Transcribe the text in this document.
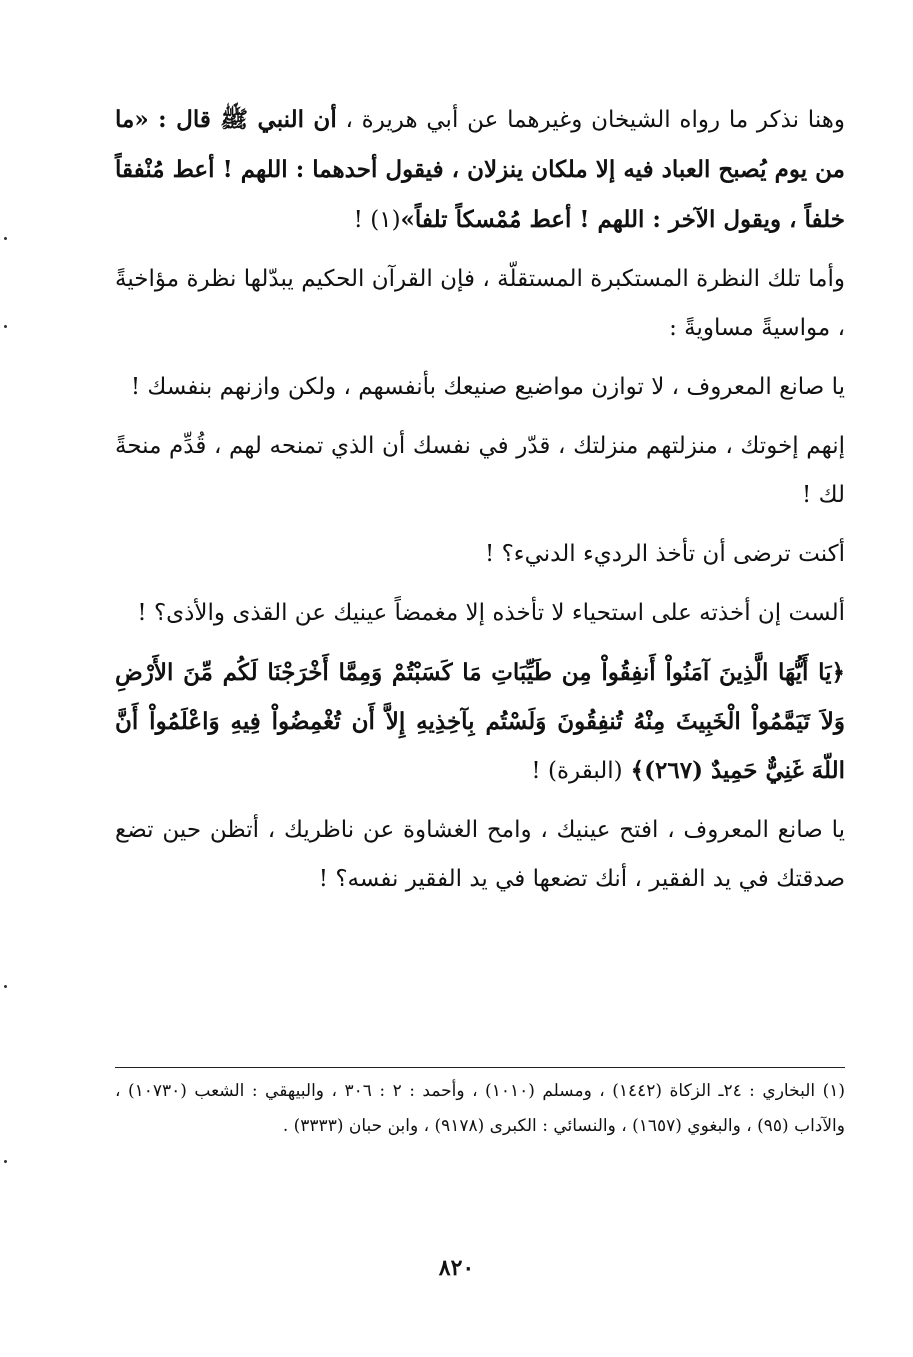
وهنا نذكر ما رواه الشيخان وغيرهما عن أبي هريرة ، أن النبي ﷺ قال : «ما من يوم يُصبح العباد فيه إلا ملكان ينزلان ، فيقول أحدهما : اللهم ! أعط مُنْفقاً خلفاً ، ويقول الآخر : اللهم ! أعط مُمْسكاً تلفاً»(١) !

وأما تلك النظرة المستكبرة المستقلّة ، فإن القرآن الحكيم يبدّلها نظرة مؤاخيةً ، مواسيةً مساويةً :

يا صانع المعروف ، لا توازن مواضيع صنيعك بأنفسهم ، ولكن وازنهم بنفسك !

إنهم إخوتك ، منزلتهم منزلتك ، قدّر في نفسك أن الذي تمنحه لهم ، قُدِّم منحةً لك !

أكنت ترضى أن تأخذ الرديء الدنيء؟ !

ألست إن أخذته على استحياء لا تأخذه إلا مغمضاً عينيك عن القذى والأذى؟ !

﴿يَا أَيُّهَا الَّذِينَ آمَنُواْ أَنفِقُواْ مِن طَيِّبَاتِ مَا كَسَبْتُمْ وَمِمَّا أَخْرَجْنَا لَكُم مِّنَ الأَرْضِ وَلاَ تَيَمَّمُواْ الْخَبِيثَ مِنْهُ تُنفِقُونَ وَلَسْتُم بِآخِذِيهِ إِلاَّ أَن تُغْمِضُواْ فِيهِ وَاعْلَمُواْ أَنَّ اللّهَ غَنِيٌّ حَمِيدٌ (٢٦٧)﴾ (البقرة) !

يا صانع المعروف ، افتح عينيك ، وامح الغشاوة عن ناظريك ، أتظن حين تضع صدقتك في يد الفقير ، أنك تضعها في يد الفقير نفسه؟ !

(١) البخاري : ٢٤ـ الزكاة (١٤٤٢) ، ومسلم (١٠١٠) ، وأحمد : ٢ : ٣٠٦ ، والبيهقي : الشعب (١٠٧٣٠) ، والآداب (٩٥) ، والبغوي (١٦٥٧) ، والنسائي : الكبرى (٩١٧٨) ، وابن حبان (٣٣٣٣) .
٨٢٠
